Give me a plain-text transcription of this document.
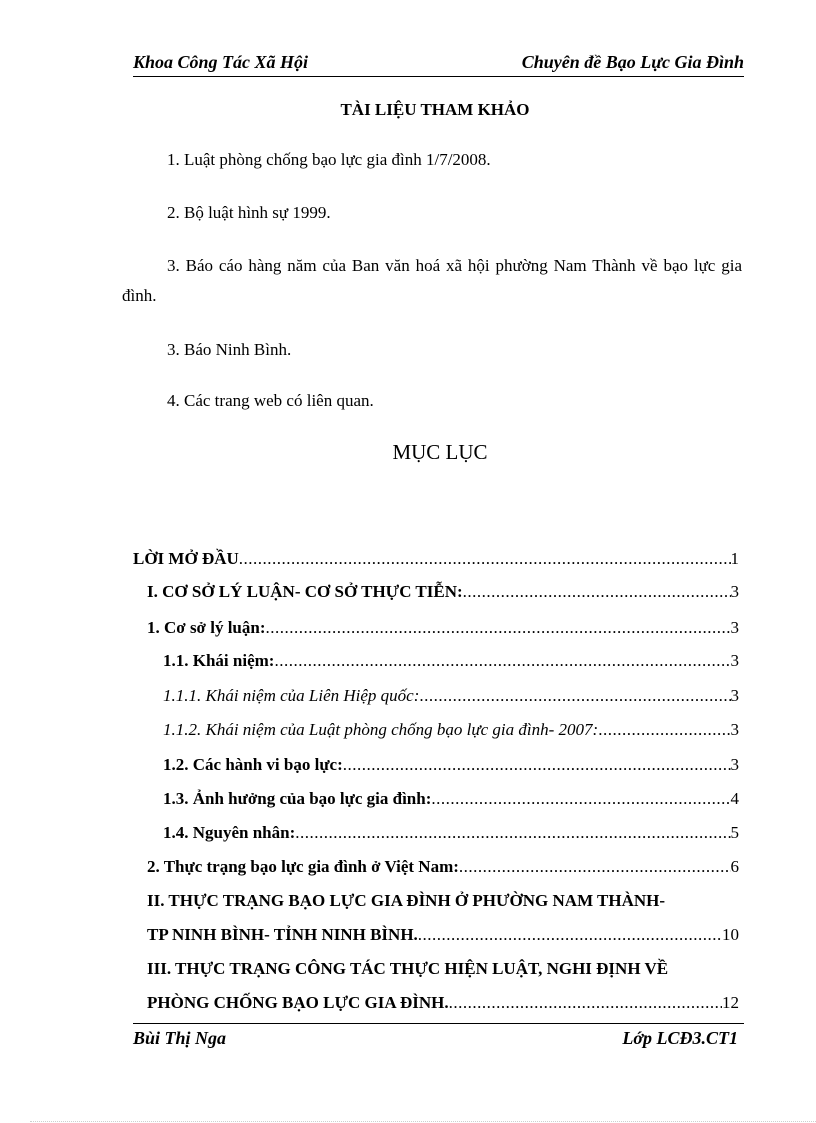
Khoa Công Tác Xã Hội	Chuyên đề Bạo Lực Gia Đình
TÀI LIỆU THAM KHẢO
1. Luật phòng chống bạo lực gia đình 1/7/2008.
2. Bộ luật hình sự 1999.
3. Báo cáo hàng năm của Ban văn hoá xã hội phường Nam Thành về bạo lực gia đình.
3. Báo Ninh Bình.
4. Các trang web có liên quan.
MỤC LỤC
LỜI MỞ ĐẦU .....	1
I. CƠ SỞ LÝ LUẬN- CƠ SỞ THỰC TIỄN: .....	3
1. Cơ sở lý luận: .....	3
1.1. Khái niệm: .....	3
1.1.1. Khái niệm của Liên Hiệp quốc: .....	3
1.1.2. Khái niệm của Luật phòng chống bạo lực gia đình- 2007: .....	3
1.2. Các hành vi bạo lực: .....	3
1.3. Ảnh hưởng của bạo lực gia đình: .....	4
1.4. Nguyên nhân: .....	5
2. Thực trạng bạo lực gia đình ở Việt Nam: .....	6
II. THỰC TRẠNG BẠO LỰC GIA ĐÌNH Ở PHƯỜNG NAM THÀNH-
TP NINH BÌNH- TỈNH NINH BÌNH. .....	10
III. THỰC TRẠNG CÔNG TÁC THỰC HIỆN LUẬT, NGHI ĐỊNH VỀ
PHÒNG CHỐNG BẠO LỰC GIA ĐÌNH. .....	12
Bùi Thị Nga	Lớp LCĐ3.CT1
